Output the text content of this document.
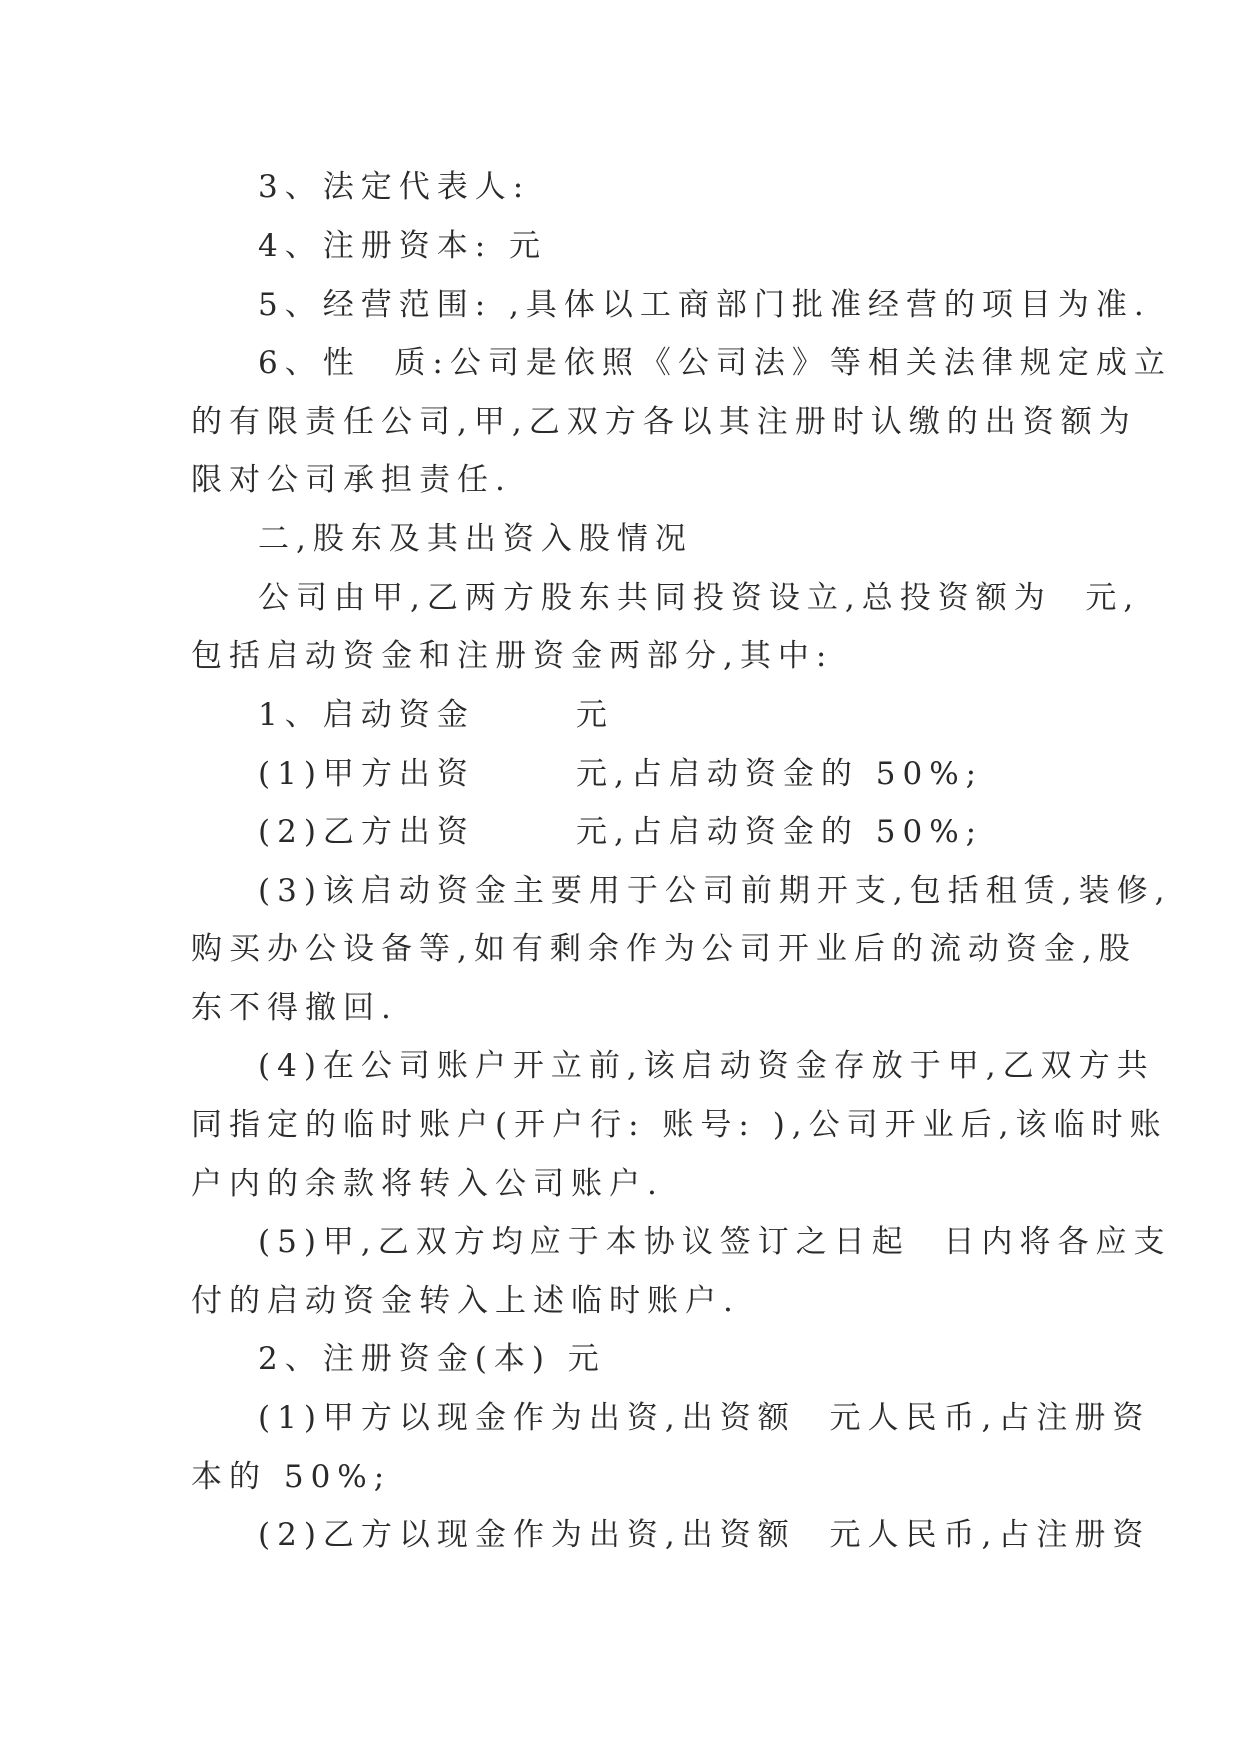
3、法定代表人:
4、注册资本: 元
5、经营范围: ,具体以工商部门批准经营的项目为准.
6、性  质:公司是依照《公司法》等相关法律规定成立
的有限责任公司,甲,乙双方各以其注册时认缴的出资额为
限对公司承担责任.
二,股东及其出资入股情况
公司由甲,乙两方股东共同投资设立,总投资额为  元,
包括启动资金和注册资金两部分,其中:
1、启动资金      元
(1)甲方出资      元,占启动资金的 50%;
(2)乙方出资      元,占启动资金的 50%;
(3)该启动资金主要用于公司前期开支,包括租赁,装修,
购买办公设备等,如有剩余作为公司开业后的流动资金,股
东不得撤回.
(4)在公司账户开立前,该启动资金存放于甲,乙双方共
同指定的临时账户(开户行: 账号: ),公司开业后,该临时账
户内的余款将转入公司账户.
(5)甲,乙双方均应于本协议签订之日起  日内将各应支
付的启动资金转入上述临时账户.
2、注册资金(本) 元
(1)甲方以现金作为出资,出资额  元人民币,占注册资
本的 50%;
(2)乙方以现金作为出资,出资额  元人民币,占注册资
